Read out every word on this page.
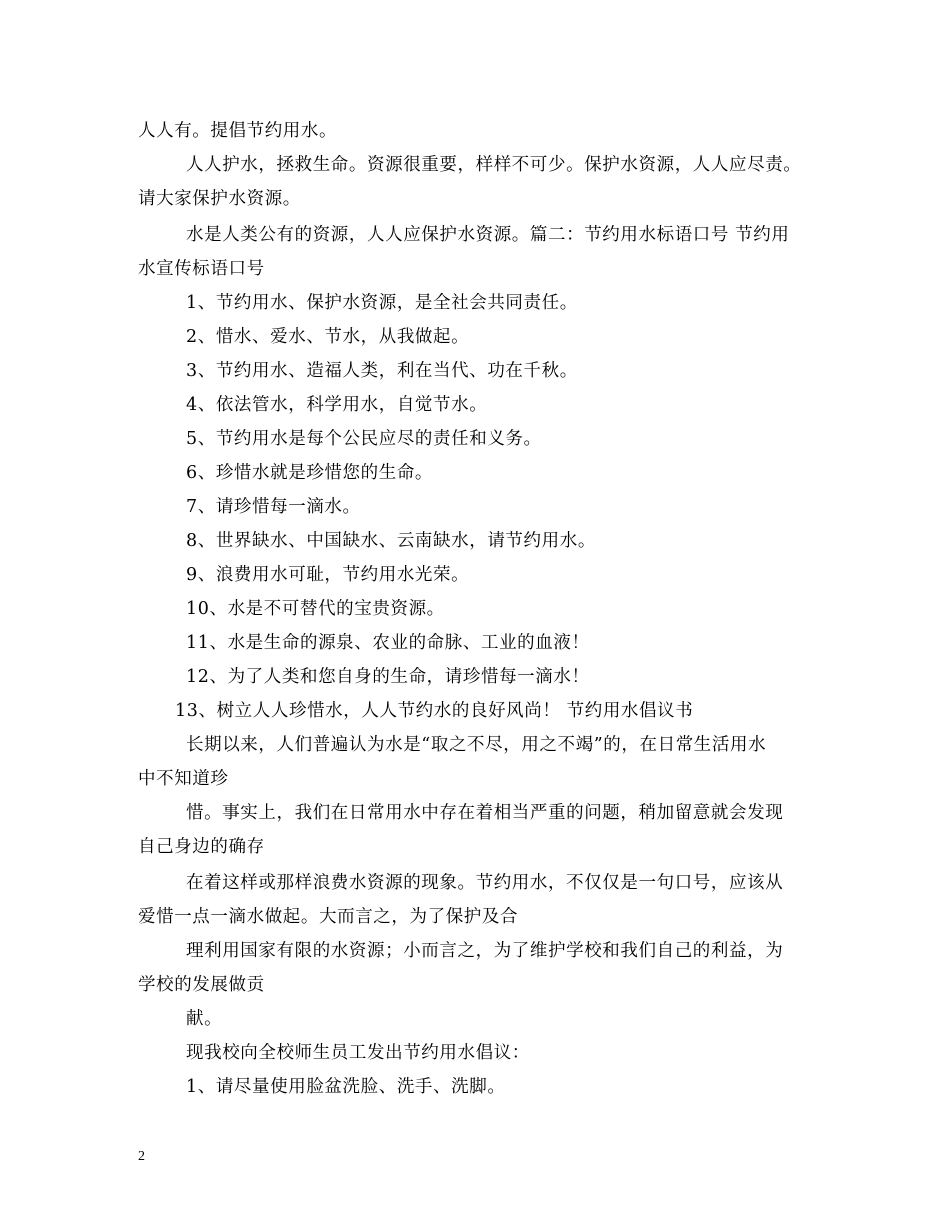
人人有。提倡节约用水。
人人护水，拯救生命。资源很重要，样样不可少。保护水资源，人人应尽责。
请大家保护水资源。
水是人类公有的资源，人人应保护水资源。篇二：节约用水标语口号 节约用
水宣传标语口号
1、节约用水、保护水资源，是全社会共同责任。
2、惜水、爱水、节水，从我做起。
3、节约用水、造福人类，利在当代、功在千秋。
4、依法管水，科学用水，自觉节水。
5、节约用水是每个公民应尽的责任和义务。
6、珍惜水就是珍惜您的生命。
7、请珍惜每一滴水。
8、世界缺水、中国缺水、云南缺水，请节约用水。
9、浪费用水可耻，节约用水光荣。
10、水是不可替代的宝贵资源。
11、水是生命的源泉、农业的命脉、工业的血液！
12、为了人类和您自身的生命，请珍惜每一滴水！
13、树立人人珍惜水，人人节约水的良好风尚！ 节约用水倡议书
长期以来，人们普遍认为水是“取之不尽，用之不竭”的，在日常生活用水
中不知道珍
惜。事实上，我们在日常用水中存在着相当严重的问题，稍加留意就会发现
自己身边的确存
在着这样或那样浪费水资源的现象。节约用水，不仅仅是一句口号，应该从
爱惜一点一滴水做起。大而言之，为了保护及合
理利用国家有限的水资源；小而言之，为了维护学校和我们自己的利益，为
学校的发展做贡
献。
现我校向全校师生员工发出节约用水倡议：
1、请尽量使用脸盆洗脸、洗手、洗脚。
2
